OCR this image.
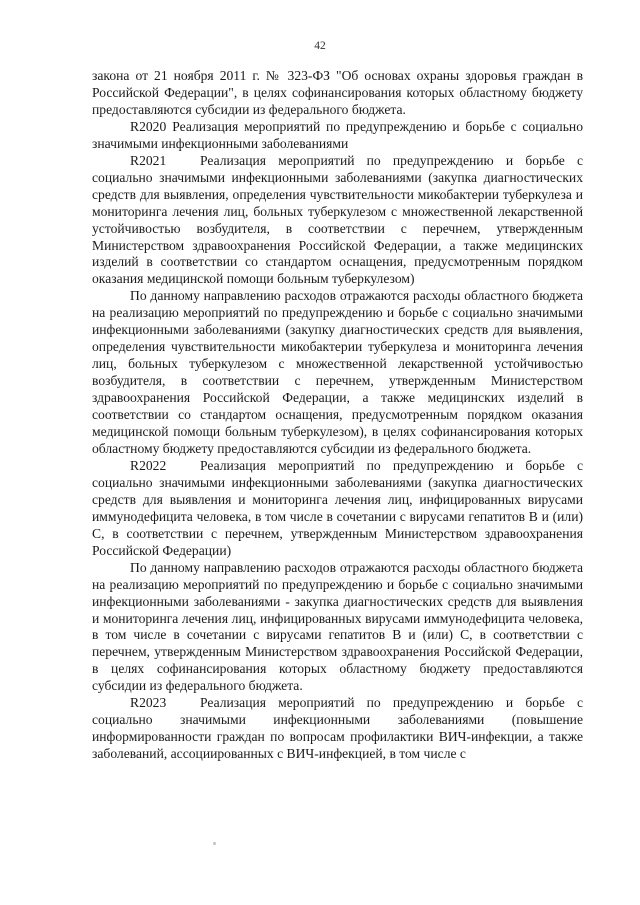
42

закона от 21 ноября 2011 г. № 323-ФЗ "Об основах охраны здоровья граждан в Российской Федерации", в целях софинансирования которых областному бюджету предоставляются субсидии из федерального бюджета.

R2020 Реализация мероприятий по предупреждению и борьбе с социально значимыми инфекционными заболеваниями

R2021 Реализация мероприятий по предупреждению и борьбе с социально значимыми инфекционными заболеваниями (закупка диагностических средств для выявления, определения чувствительности микобактерии туберкулеза и мониторинга лечения лиц, больных туберкулезом с множественной лекарственной устойчивостью возбудителя, в соответствии с перечнем, утвержденным Министерством здравоохранения Российской Федерации, а также медицинских изделий в соответствии со стандартом оснащения, предусмотренным порядком оказания медицинской помощи больным туберкулезом)

По данному направлению расходов отражаются расходы областного бюджета на реализацию мероприятий по предупреждению и борьбе с социально значимыми инфекционными заболеваниями (закупку диагностических средств для выявления, определения чувствительности микобактерии туберкулеза и мониторинга лечения лиц, больных туберкулезом с множественной лекарственной устойчивостью возбудителя, в соответствии с перечнем, утвержденным Министерством здравоохранения Российской Федерации, а также медицинских изделий в соответствии со стандартом оснащения, предусмотренным порядком оказания медицинской помощи больным туберкулезом), в целях софинансирования которых областному бюджету предоставляются субсидии из федерального бюджета.

R2022 Реализация мероприятий по предупреждению и борьбе с социально значимыми инфекционными заболеваниями (закупка диагностических средств для выявления и мониторинга лечения лиц, инфицированных вирусами иммунодефицита человека, в том числе в сочетании с вирусами гепатитов В и (или) С, в соответствии с перечнем, утвержденным Министерством здравоохранения Российской Федерации)

По данному направлению расходов отражаются расходы областного бюджета на реализацию мероприятий по предупреждению и борьбе с социально значимыми инфекционными заболеваниями - закупка диагностических средств для выявления и мониторинга лечения лиц, инфицированных вирусами иммунодефицита человека, в том числе в сочетании с вирусами гепатитов В и (или) С, в соответствии с перечнем, утвержденным Министерством здравоохранения Российской Федерации, в целях софинансирования которых областному бюджету предоставляются субсидии из федерального бюджета.

R2023 Реализация мероприятий по предупреждению и борьбе с социально значимыми инфекционными заболеваниями (повышение информированности граждан по вопросам профилактики ВИЧ-инфекции, а также заболеваний, ассоциированных с ВИЧ-инфекцией, в том числе с
